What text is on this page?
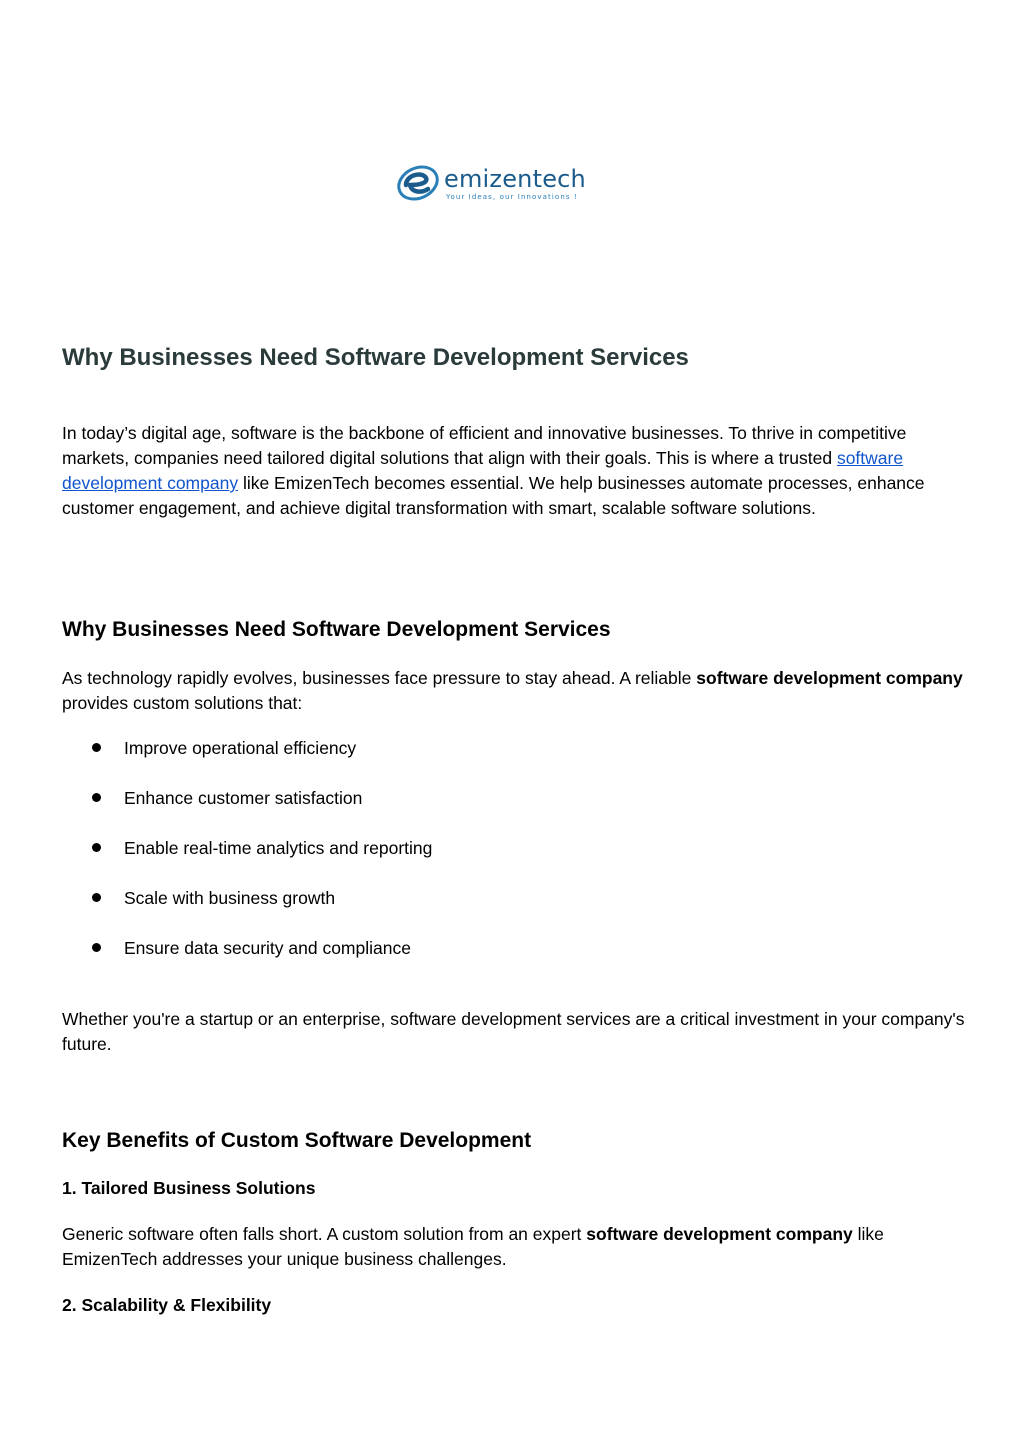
emizentech
Your Ideas, our Innovations !
Why Businesses Need Software Development Services

In today’s digital age, software is the backbone of efficient and innovative businesses. To thrive in competitive markets, companies need tailored digital solutions that align with their goals. This is where a trusted software development company like EmizenTech becomes essential. We help businesses automate processes, enhance customer engagement, and achieve digital transformation with smart, scalable software solutions.

Why Businesses Need Software Development Services

As technology rapidly evolves, businesses face pressure to stay ahead. A reliable software development company provides custom solutions that:

Improve operational efficiency
Enhance customer satisfaction
Enable real-time analytics and reporting
Scale with business growth
Ensure data security and compliance

Whether you're a startup or an enterprise, software development services are a critical investment in your company's future.

Key Benefits of Custom Software Development
1. Tailored Business Solutions

Generic software often falls short. A custom solution from an expert software development company like EmizenTech addresses your unique business challenges.

2. Scalability & Flexibility
